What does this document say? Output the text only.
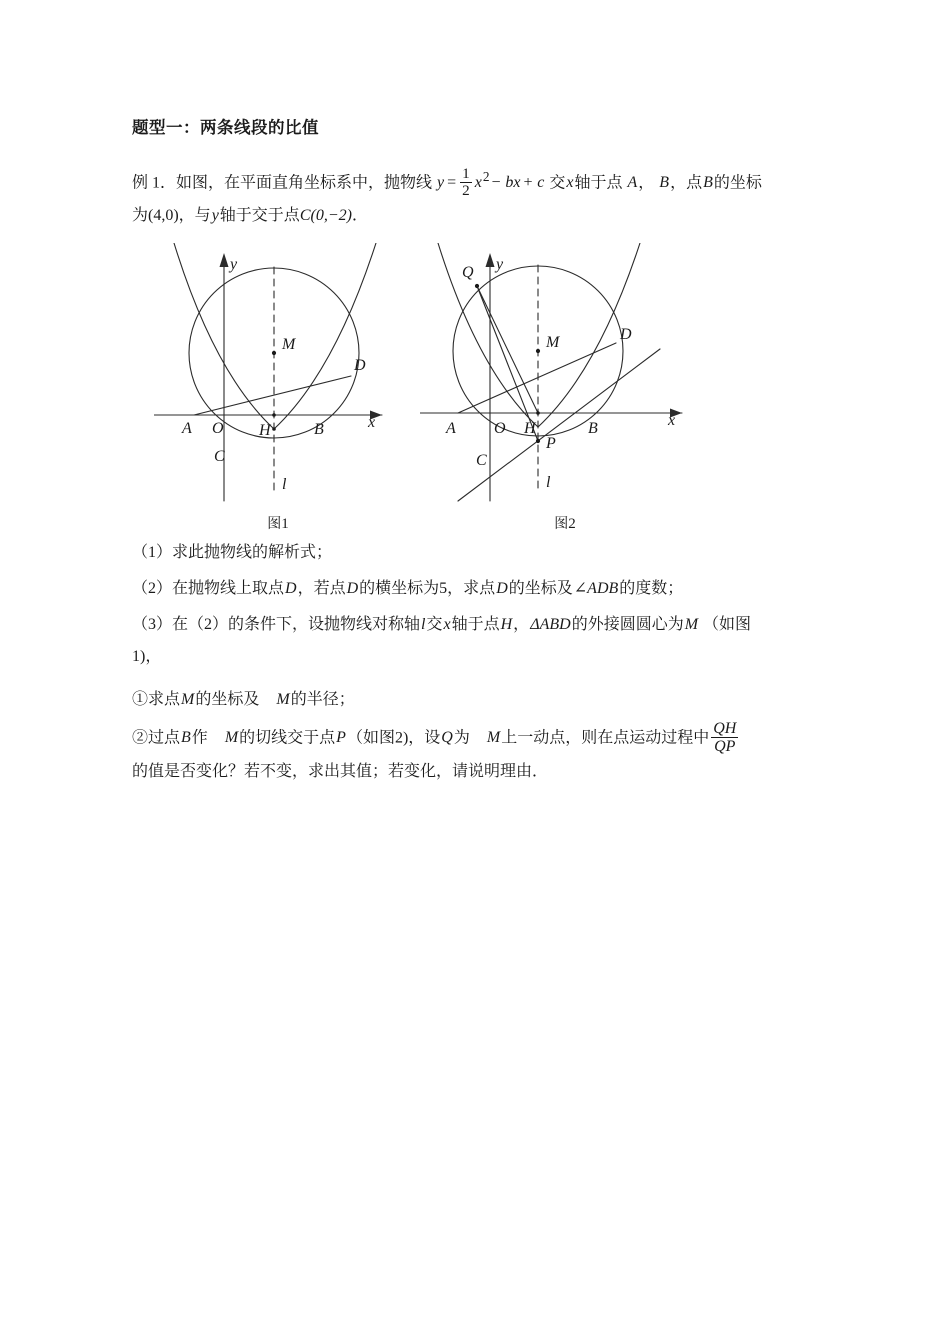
题型一：两条线段的比值
例 1．如图，在平面直角坐标系中，抛物线 $y = \frac{1}{2} x^2-$ bx + c 交x轴于点 A， B，点B的坐标
为(4,0)，与y轴于交于点C(0,−2)．
A O H	B
C
D
M
l
x
y
图1
A O H	B
C
D
M
P
Q
l
x
y
图2
（1）求此抛物线的解析式；
（2）在抛物线上取点D，若点D的横坐标为5，求点D的坐标及∠ADB的度数；
（3）在（2）的条件下，设抛物线对称轴l交x轴于点H，ΔABD的外接圆圆心为M （如图
1)，
①求点M的坐标及 M的半径；
②过点B作 M的切线交于点P（如图2)，设Q为 M上一动点，则在点运动过程中 $\frac{QH}{QP}$
的值是否变化？若不变，求出其值；若变化，请说明理由．
